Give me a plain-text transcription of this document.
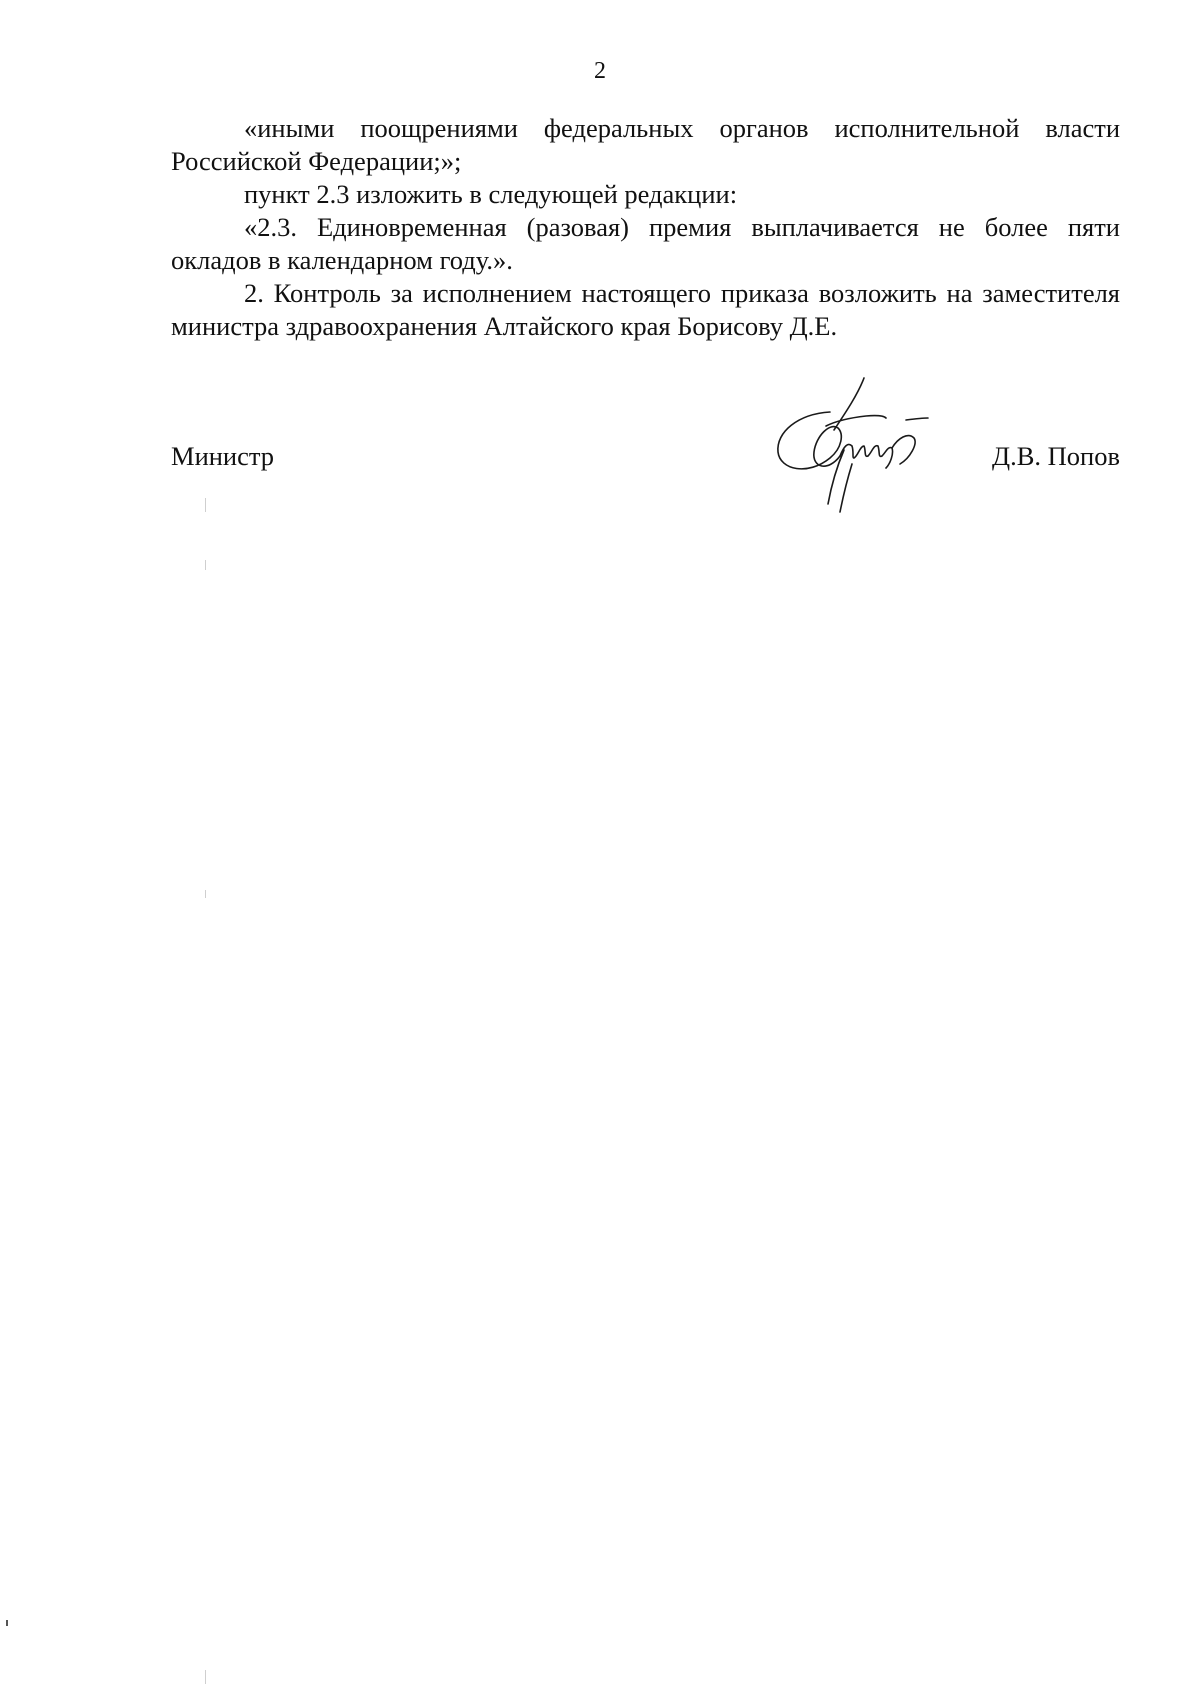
2

«иными поощрениями федеральных органов исполнительной власти Российской Федерации;»;

пункт 2.3 изложить в следующей редакции:

«2.3. Единовременная (разовая) премия выплачивается не более пяти окладов в календарном году.».

2. Контроль за исполнением настоящего приказа возложить на заместителя министра здравоохранения Алтайского края Борисову Д.Е.

Министр	Д.В. Попов
